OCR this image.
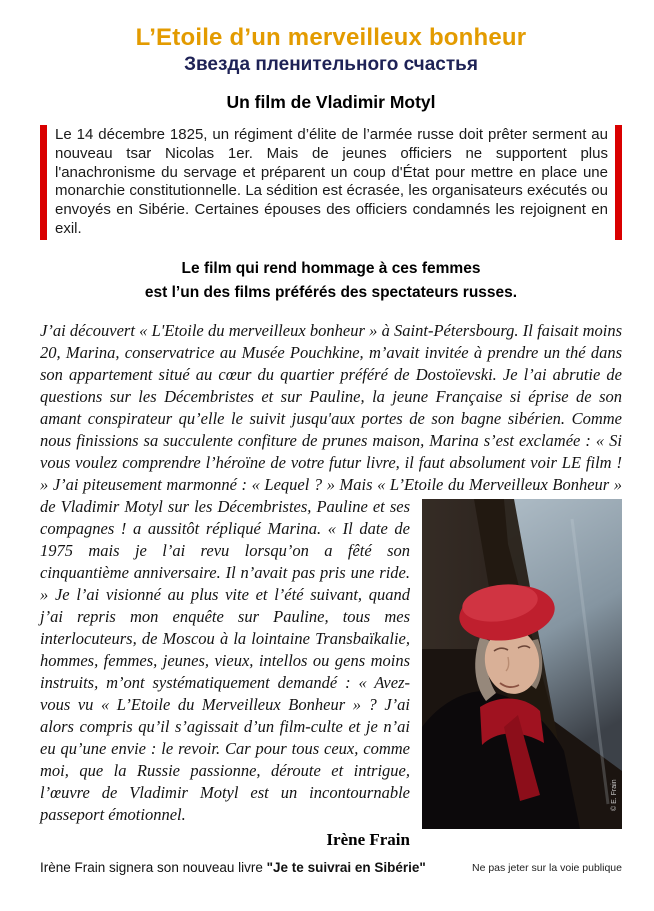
L’Etoile d’un merveilleux bonheur
Звезда пленительного счастья
Un film de Vladimir Motyl

Le 14 décembre 1825, un régiment d’élite de l’armée russe doit prêter serment au nouveau tsar Nicolas 1er. Mais de jeunes officiers ne supportent plus l'anachronisme du servage et préparent un coup d'État pour mettre en place une monarchie constitutionnelle. La sédition est écrasée, les organisateurs exécutés ou envoyés en Sibérie. Certaines épouses des officiers condamnés les rejoignent en exil.

Le film qui rend hommage à ces femmes
est l’un des films préférés des spectateurs russes.

J’ai découvert « L'Etoile du merveilleux bonheur » à Saint-Pétersbourg. Il faisait moins 20, Marina, conservatrice au Musée Pouchkine, m’avait invitée à prendre un thé dans son appartement situé au cœur du quartier préféré de Dostoïevski. Je l’ai abrutie de questions sur les Décembristes et sur Pauline, la jeune Française si éprise de son amant conspirateur qu’elle le suivit jusqu'aux portes de son bagne sibérien. Comme nous finissions sa succulente confiture de prunes maison, Marina s’est exclamée : « Si vous voulez comprendre l’héroïne de votre futur livre, il faut absolument voir LE film ! » J’ai piteusement marmonné : « Lequel ? » Mais « L’Etoile du Merveilleux Bonheur » de Vladimir Motyl sur les Décembristes, Pauline et ses
© E. Frain
compagnes ! a aussitôt répliqué Marina. « Il date de 1975 mais je l’ai revu lorsqu’on a fêté son cinquantième anniversaire. Il n’avait pas pris une ride. » Je l’ai visionné au plus vite et l’été suivant, quand j’ai repris mon enquête sur Pauline, tous mes interlocuteurs, de Moscou à la lointaine Transbaïkalie, hommes, femmes, jeunes, vieux, intellos ou gens moins instruits, m’ont systématiquement demandé : « Avez-vous vu « L’Etoile du Merveilleux Bonheur » ? J’ai alors compris qu’il s’agissait d’un film-culte et je n’ai eu qu’une envie : le revoir. Car pour tous ceux, comme moi, que la Russie passionne, déroute et intrigue, l’œuvre de Vladimir Motyl est un incontournable passeport émotionnel.
Irène Frain
Irène Frain signera son nouveau livre "Je te suivrai en Sibérie"	Ne pas jeter sur la voie publique
